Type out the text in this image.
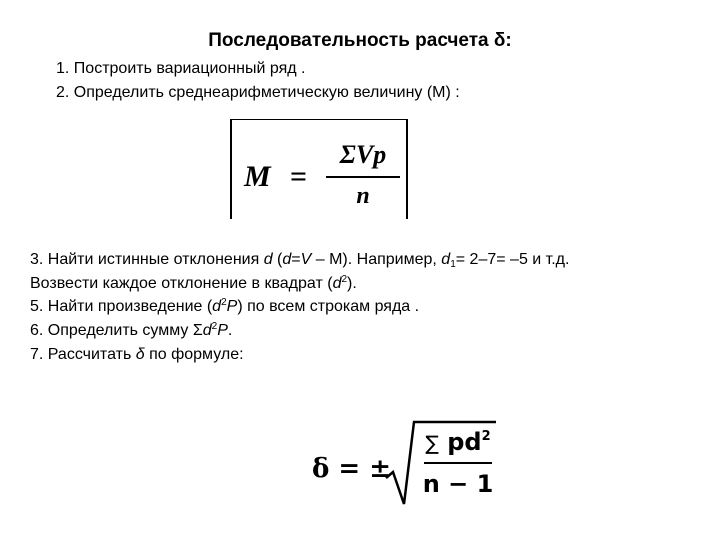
Последовательность расчета δ:
1. Построить вариационный ряд .
2. Определить среднеарифметическую величину (M) :
M =
ΣVp
n
3. Найти истинные отклонения d (d=V – M). Например, $d_1= 2-7= -5$ и т.д.
Возвести каждое отклонение в квадрат $(d^2)$.
5. Найти произведение $(d^2P)$ по всем строкам ряда .
6. Определить сумму $\Sigma d^2P$.
7. Рассчитать δ по формуле:
δ = ±
∑ $pd^2$
n − 1
